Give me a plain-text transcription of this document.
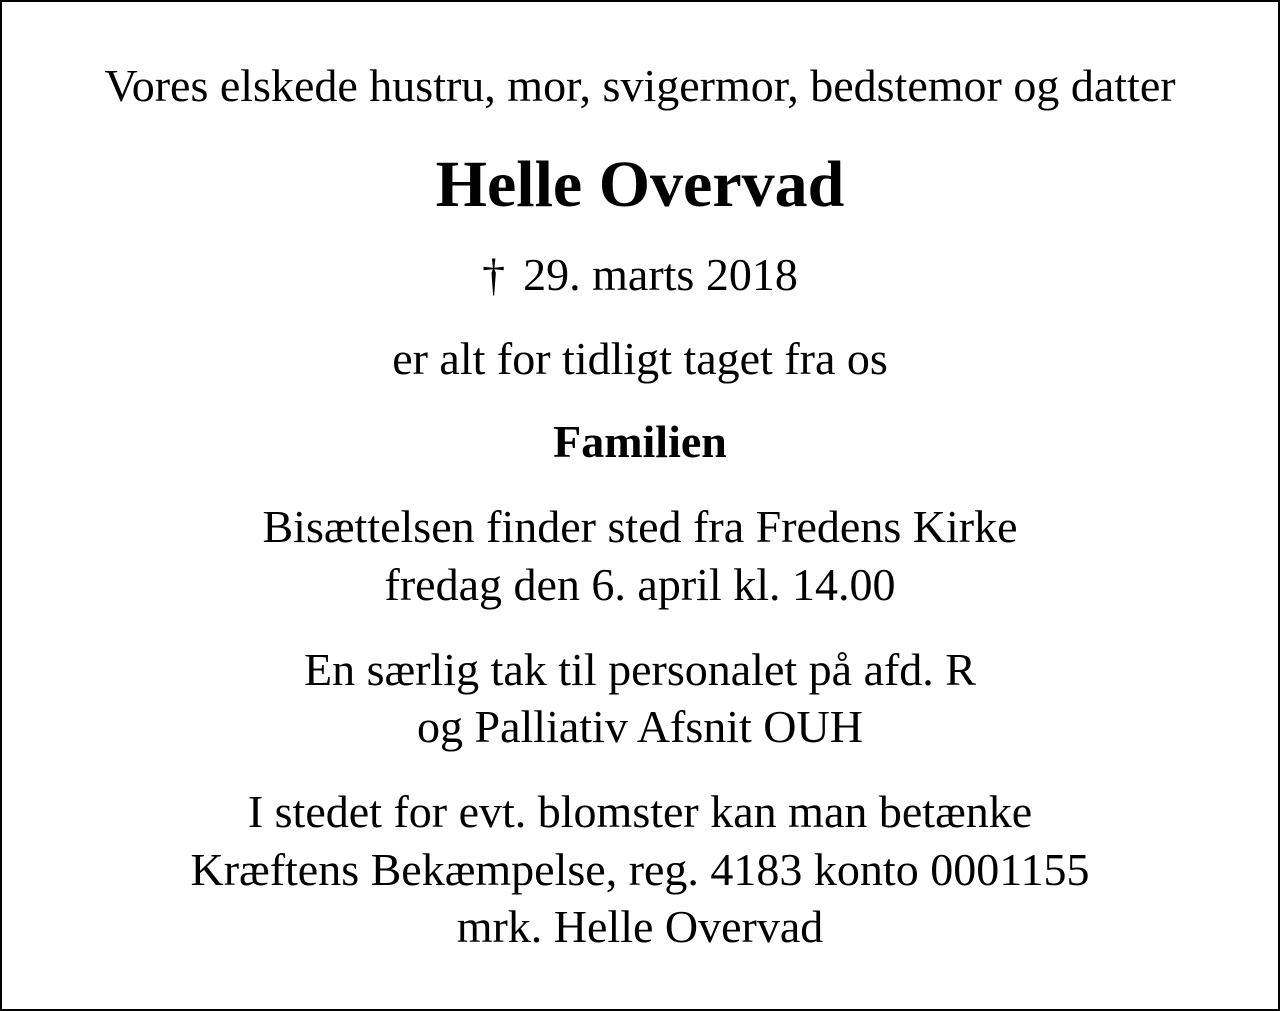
Vores elskede hustru, mor, svigermor, bedstemor og datter

Helle Overvad

† 29. marts 2018

er alt for tidligt taget fra os

Familien

Bisættelsen finder sted fra Fredens Kirke

fredag den 6. april kl. 14.00

En særlig tak til personalet på afd. R

og Palliativ Afsnit OUH

I stedet for evt. blomster kan man betænke

Kræftens Bekæmpelse, reg. 4183 konto 0001155

mrk. Helle Overvad
